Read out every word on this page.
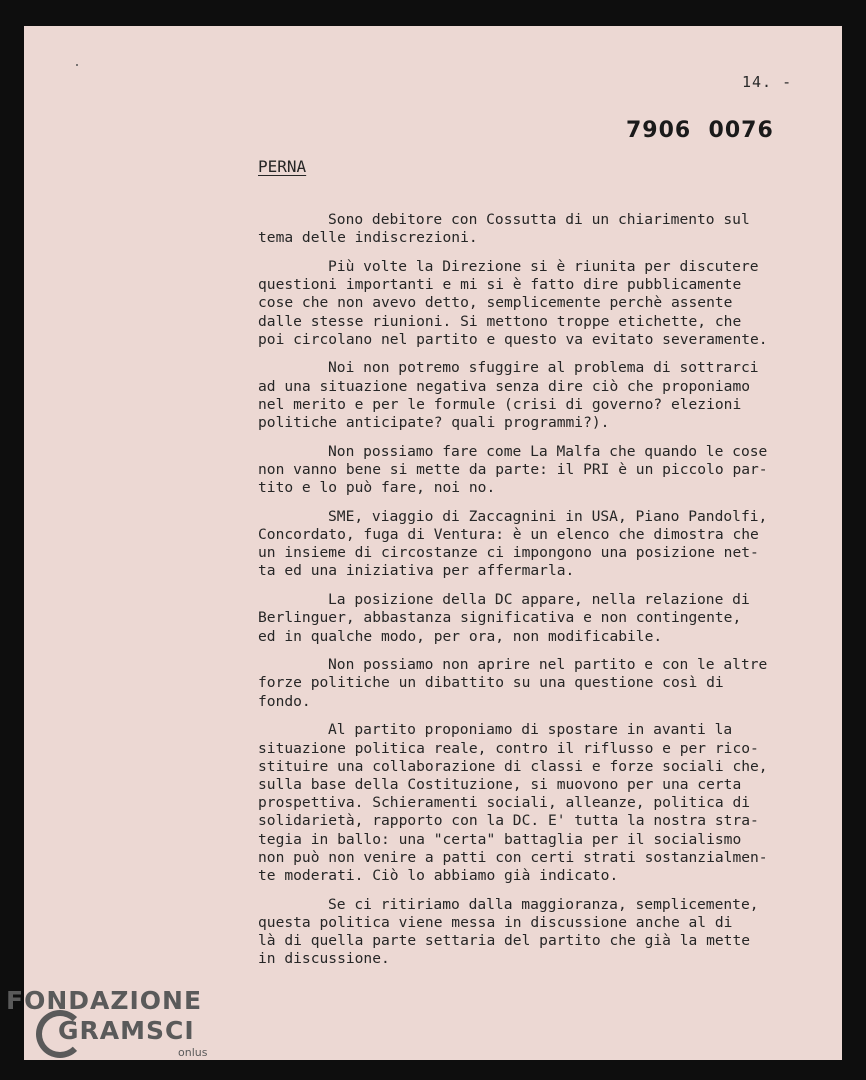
14. -
7906  0076
PERNA
Sono debitore con Cossutta di un chiarimento sul
tema delle indiscrezioni.
Più volte la Direzione si è riunita per discutere
questioni importanti e mi si è fatto dire pubblicamente
cose che non avevo detto, semplicemente perchè assente
dalle stesse riunioni. Si mettono troppe etichette, che
poi circolano nel partito e questo va evitato severamente.
Noi non potremo sfuggire al problema di sottrarci
ad una situazione negativa senza dire ciò che proponiamo
nel merito e per le formule (crisi di governo? elezioni
politiche anticipate? quali programmi?).
Non possiamo fare come La Malfa che quando le cose
non vanno bene si mette da parte: il PRI è un piccolo par-
tito e lo può fare, noi no.
SME, viaggio di Zaccagnini in USA, Piano Pandolfi,
Concordato, fuga di Ventura: è un elenco che dimostra che
un insieme di circostanze ci impongono una posizione net-
ta ed una iniziativa per affermarla.
La posizione della DC appare, nella relazione di
Berlinguer, abbastanza significativa e non contingente,
ed in qualche modo, per ora, non modificabile.
Non possiamo non aprire nel partito e con le altre
forze politiche un dibattito su una questione così di
fondo.
Al partito proponiamo di spostare in avanti la
situazione politica reale, contro il riflusso e per rico-
stituire una collaborazione di classi e forze sociali che,
sulla base della Costituzione, si muovono per una certa
prospettiva. Schieramenti sociali, alleanze, politica di
solidarietà, rapporto con la DC. E' tutta la nostra stra-
tegia in ballo: una "certa" battaglia per il socialismo
non può non venire a patti con certi strati sostanzialmen-
te moderati. Ciò lo abbiamo già indicato.
Se ci ritiriamo dalla maggioranza, semplicemente,
questa politica viene messa in discussione anche al di
là di quella parte settaria del partito che già la mette
in discussione.
FONDAZIONE
GRAMSCI
onlus
